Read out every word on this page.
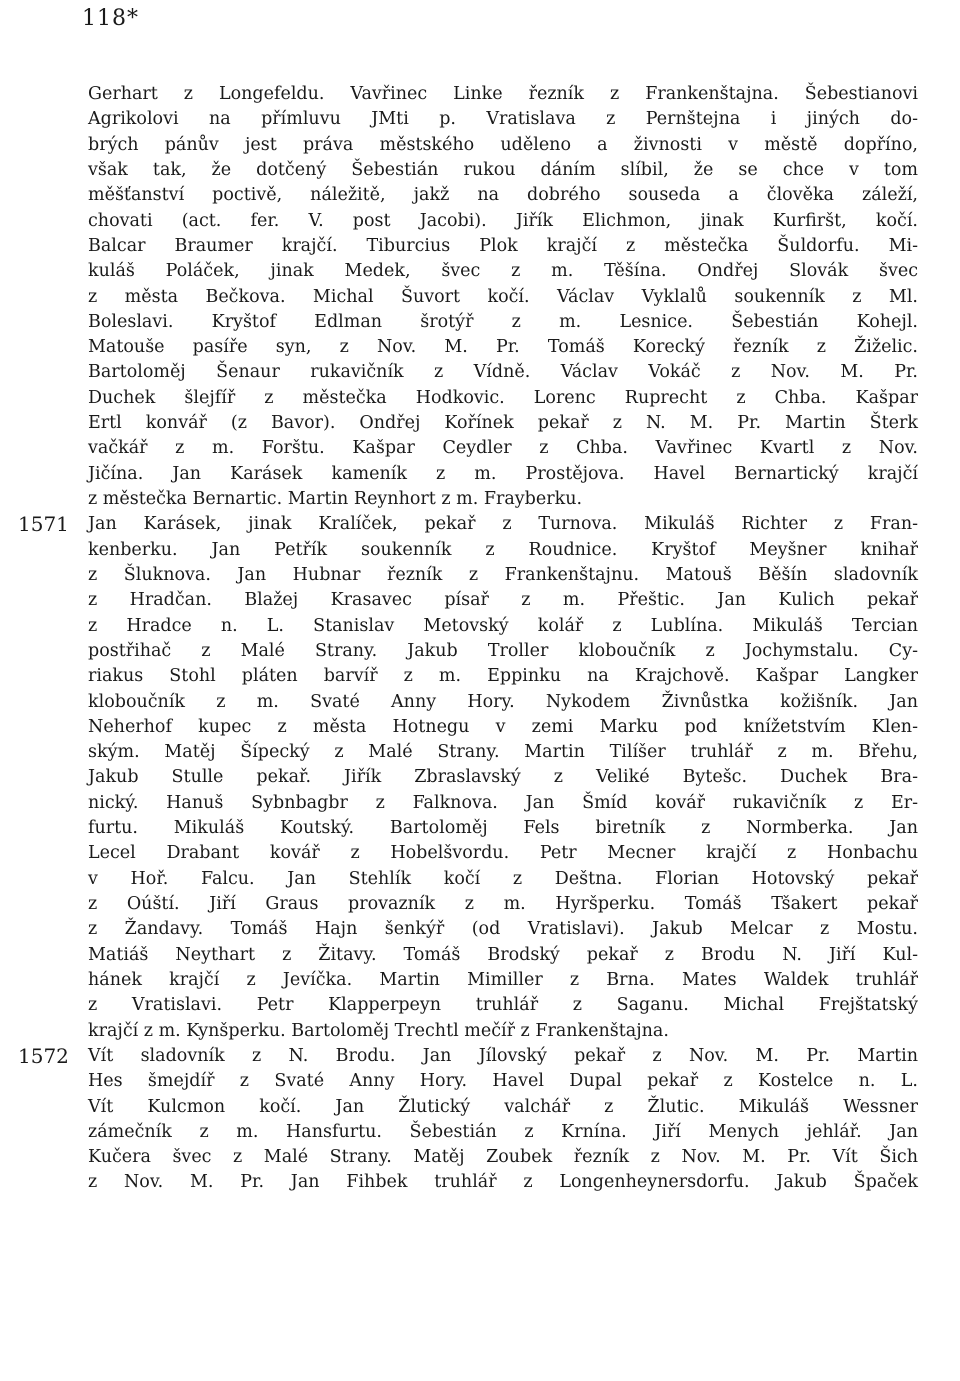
118*
Gerhart z Longefeldu. Vavřinec Linke řezník z Frankenštajna. Šebestianovi
Agrikolovi na přímluvu JMti p. Vratislava z Pernštejna i jiných do-
brých pánův jest práva městského uděleno a živnosti v městě dopříno,
však tak, že dotčený Šebestián rukou dáním slíbil, že se chce v tom
měšťanství poctivě, náležitě, jakž na dobrého souseda a člověka záleží,
chovati (act. fer. V. post Jacobi). Jiřík Elichmon, jinak Kurfiršt, kočí.
Balcar Braumer krajčí. Tiburcius Plok krajčí z městečka Šuldorfu. Mi-
kuláš Poláček, jinak Medek, švec z m. Těšína. Ondřej Slovák švec
z města Bečkova. Michal Šuvort kočí. Václav Vyklalů soukenník z Ml.
Boleslavi. Kryštof Edlman šrotýř z m. Lesnice. Šebestián Kohejl.
Matouše pasíře syn, z Nov. M. Pr. Tomáš Korecký řezník z Žiželic.
Bartoloměj Šenaur rukavičník z Vídně. Václav Vokáč z Nov. M. Pr.
Duchek šlejfíř z městečka Hodkovic. Lorenc Ruprecht z Chba. Kašpar
Ertl konvář (z Bavor). Ondřej Kořínek pekař z N. M. Pr. Martin Šterk
vačkář z m. Forštu. Kašpar Ceydler z Chba. Vavřinec Kvartl z Nov.
Jičína. Jan Karásek kameník z m. Prostějova. Havel Bernartický krajčí
z městečka Bernartic. Martin Reynhort z m. Frayberku.
Jan Karásek, jinak Kralíček, pekař z Turnova. Mikuláš Richter z Fran-
kenberku. Jan Petřík soukenník z Roudnice. Kryštof Meyšner knihař
z Šluknova. Jan Hubnar řezník z Frankenštajnu. Matouš Běšín sladovník
z Hradčan. Blažej Krasavec písař z m. Přeštic. Jan Kulich pekař
z Hradce n. L. Stanislav Metovský kolář z Lublína. Mikuláš Tercian
postřihač z Malé Strany. Jakub Troller kloboučník z Jochymstalu. Cy-
riakus Stohl pláten barvíř z m. Eppinku na Krajchově. Kašpar Langker
kloboučník z m. Svaté Anny Hory. Nykodem Živnůstka kožišník. Jan
Neherhof kupec z města Hotnegu v zemi Marku pod knížetstvím Klen-
ským. Matěj Šípecký z Malé Strany. Martin Tilíšer truhlář z m. Břehu,
Jakub Stulle pekař. Jiřík Zbraslavský z Veliké Bytešc. Duchek Bra-
nický. Hanuš Sybnbagbr z Falknova. Jan Šmíd kovář rukavičník z Er-
furtu. Mikuláš Koutský. Bartoloměj Fels biretník z Normberka. Jan
Lecel Drabant kovář z Hobelšvordu. Petr Mecner krajčí z Honbachu
v Hoř. Falcu. Jan Stehlík kočí z Deštna. Florian Hotovský pekař
z Oúští. Jiří Graus provazník z m. Hyršperku. Tomáš Tšakert pekař
z Žandavy. Tomáš Hajn šenkýř (od Vratislavi). Jakub Melcar z Mostu.
Matiáš Neythart z Žitavy. Tomáš Brodský pekař z Brodu N. Jiří Kul-
hánek krajčí z Jevíčka. Martin Mimiller z Brna. Mates Waldek truhlář
z Vratislavi. Petr Klapperpeyn truhlář z Saganu. Michal Frejštatský
krajčí z m. Kynšperku. Bartoloměj Trechtl mečíř z Frankenštajna.
Vít sladovník z N. Brodu. Jan Jílovský pekař z Nov. M. Pr. Martin
Hes šmejdíř z Svaté Anny Hory. Havel Dupal pekař z Kostelce n. L.
Vít Kulcmon kočí. Jan Žlutický valchář z Žlutic. Mikuláš Wessner
zámečník z m. Hansfurtu. Šebestián z Krnína. Jiří Menych jehlář. Jan
Kučera švec z Malé Strany. Matěj Zoubek řezník z Nov. M. Pr. Vít Šich
z Nov. M. Pr. Jan Fihbek truhlář z Longenheynersdorfu. Jakub Špaček
1571
1572
